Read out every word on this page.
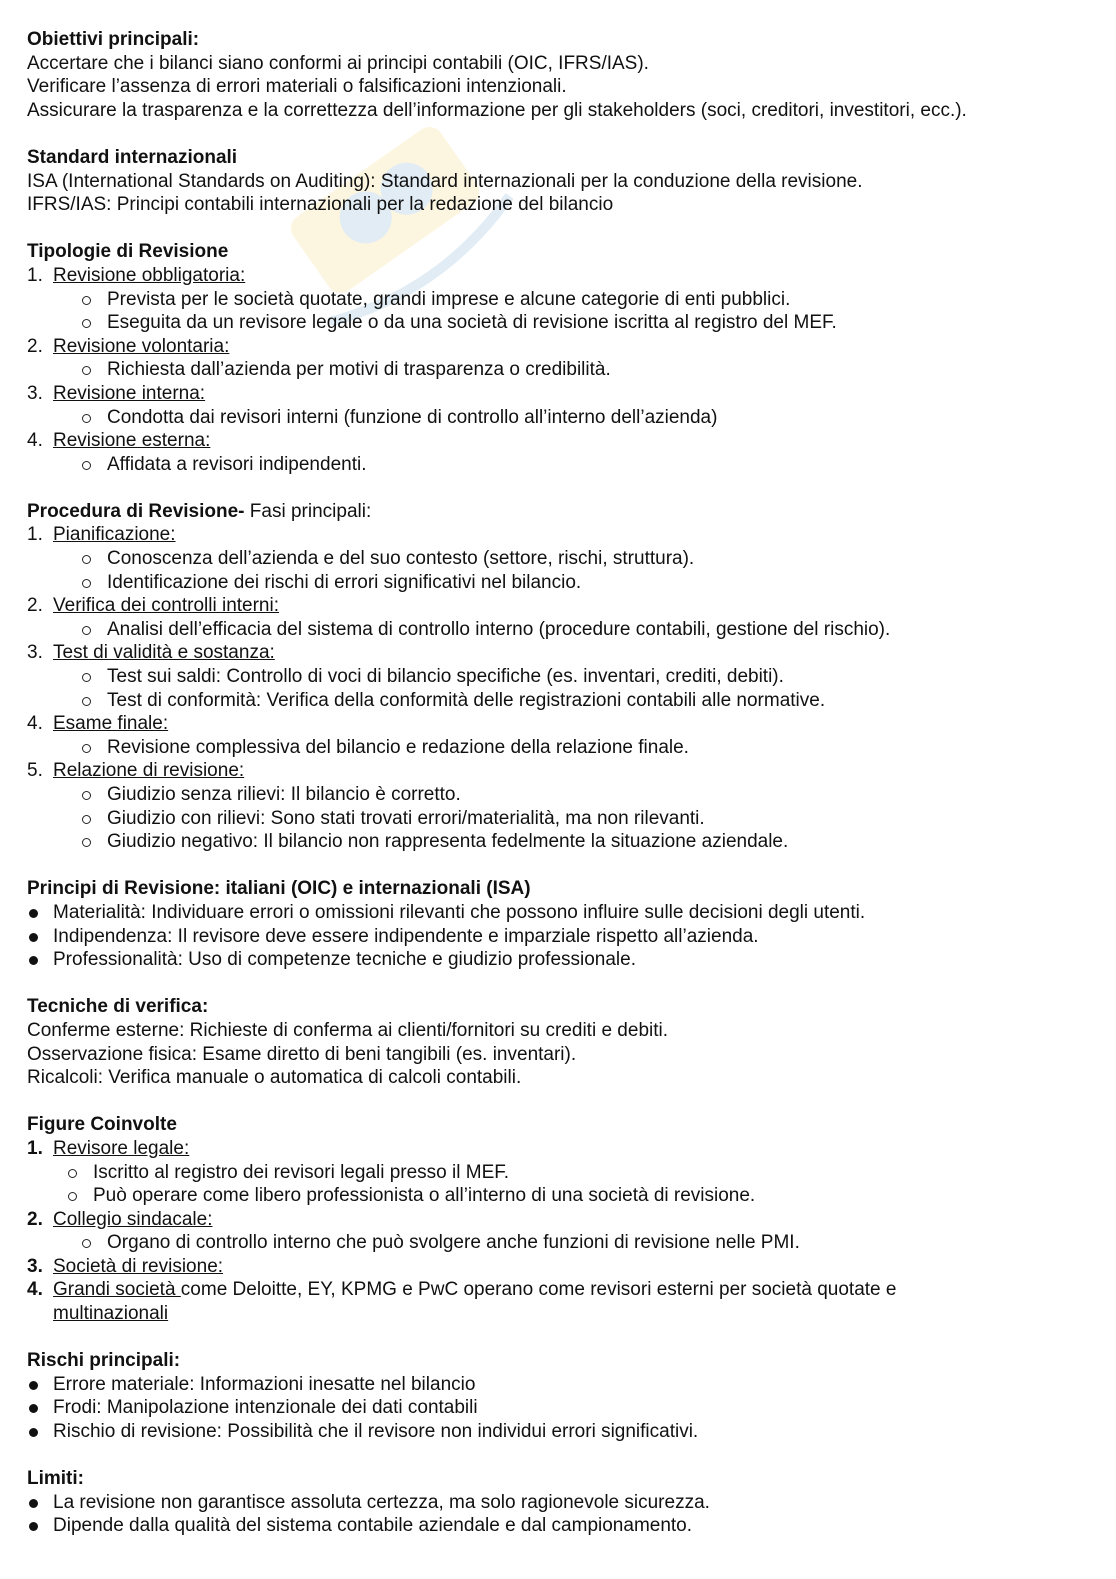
Obiettivi principali:
Accertare che i bilanci siano conformi ai principi contabili (OIC, IFRS/IAS).
Verificare l’assenza di errori materiali o falsificazioni intenzionali.
Assicurare la trasparenza e la correttezza dell’informazione per gli stakeholders (soci, creditori, investitori, ecc.).
Standard internazionali
ISA (International Standards on Auditing): Standard internazionali per la conduzione della revisione.
IFRS/IAS: Principi contabili internazionali per la redazione del bilancio
Tipologie di Revisione
1. Revisione obbligatoria:
Prevista per le società quotate, grandi imprese e alcune categorie di enti pubblici.
Eseguita da un revisore legale o da una società di revisione iscritta al registro del MEF.
2. Revisione volontaria:
Richiesta dall’azienda per motivi di trasparenza o credibilità.
3. Revisione interna:
Condotta dai revisori interni (funzione di controllo all’interno dell’azienda)
4. Revisione esterna:
Affidata a revisori indipendenti.
Procedura di Revisione- Fasi principali:
1. Pianificazione:
Conoscenza dell’azienda e del suo contesto (settore, rischi, struttura).
Identificazione dei rischi di errori significativi nel bilancio.
2. Verifica dei controlli interni:
Analisi dell’efficacia del sistema di controllo interno (procedure contabili, gestione del rischio).
3. Test di validità e sostanza:
Test sui saldi: Controllo di voci di bilancio specifiche (es. inventari, crediti, debiti).
Test di conformità: Verifica della conformità delle registrazioni contabili alle normative.
4. Esame finale:
Revisione complessiva del bilancio e redazione della relazione finale.
5. Relazione di revisione:
Giudizio senza rilievi: Il bilancio è corretto.
Giudizio con rilievi: Sono stati trovati errori/materialità, ma non rilevanti.
Giudizio negativo: Il bilancio non rappresenta fedelmente la situazione aziendale.
Principi di Revisione: italiani (OIC) e internazionali (ISA)
Materialità: Individuare errori o omissioni rilevanti che possono influire sulle decisioni degli utenti.
Indipendenza: Il revisore deve essere indipendente e imparziale rispetto all’azienda.
Professionalità: Uso di competenze tecniche e giudizio professionale.
Tecniche di verifica:
Conferme esterne: Richieste di conferma ai clienti/fornitori su crediti e debiti.
Osservazione fisica: Esame diretto di beni tangibili (es. inventari).
Ricalcoli: Verifica manuale o automatica di calcoli contabili.
Figure Coinvolte
1. Revisore legale:
Iscritto al registro dei revisori legali presso il MEF.
Può operare come libero professionista o all’interno di una società di revisione.
2. Collegio sindacale:
Organo di controllo interno che può svolgere anche funzioni di revisione nelle PMI.
3. Società di revisione:
4. Grandi società come Deloitte, EY, KPMG e PwC operano come revisori esterni per società quotate e
multinazionali
Rischi principali:
Errore materiale: Informazioni inesatte nel bilancio
Frodi: Manipolazione intenzionale dei dati contabili
Rischio di revisione: Possibilità che il revisore non individui errori significativi.
Limiti:
La revisione non garantisce assoluta certezza, ma solo ragionevole sicurezza.
Dipende dalla qualità del sistema contabile aziendale e dal campionamento.
